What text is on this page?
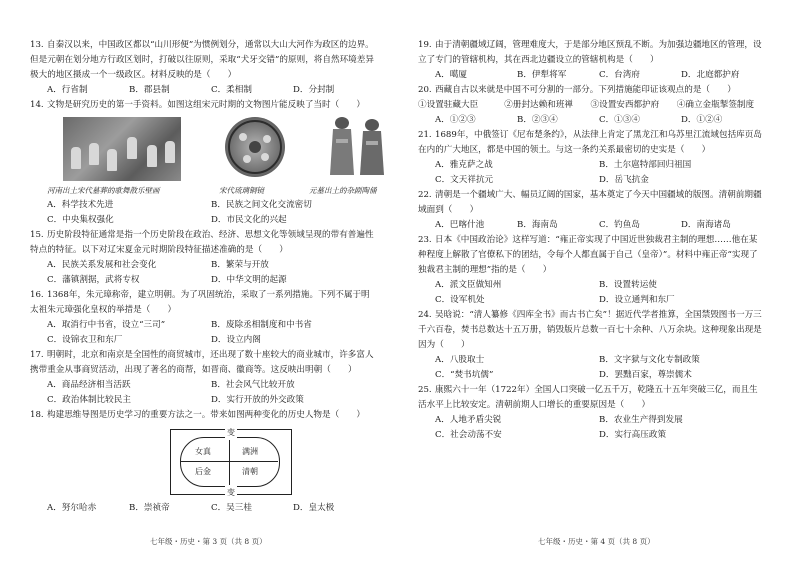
13. 自秦汉以来，中国政区都以“山川形便”为惯例划分，通常以大山大河作为政区的边界。但是元朝在划分地方行政区划时，打破以往原则，采取“犬牙交错”的原则，将自然环境差异极大的地区摄成一个一级政区。材料反映的是（　　）
A．行省制	B．郡县制	C．柔相制	D．分封制
14. 文物是研究历史的第一手资料。如图这组宋元时期的文物图片能反映了当时（　　）
河南出土宋代墓葬的歌舞散乐壁画	宋代琉璃铜镜	元墓出土的杂剧陶俑
A．科学技术先进	B．民族之间文化交流密切
C．中央集权强化	D．市民文化的兴起
15. 历史阶段特征通常是指一个历史阶段在政治、经济、思想文化等领域呈现的带有普遍性特点的特征。以下对辽宋夏金元时期阶段特征描述准确的是（　　）
A．民族关系发展和社会变化	B．繁荣与开放
C．藩镇割据，武将专权	D．中华文明的起源
16. 1368年，朱元璋称帝，建立明朝。为了巩固统治，采取了一系列措施。下列不属于明太祖朱元璋强化皇权的举措是（　　）
A．取消行中书省，设立“三司”	B．废除丞相制度和中书省
C．设锦衣卫和东厂	D．设立内阁
17. 明朝时，北京和南京是全国性的商贸城市，还出现了数十座较大的商业城市，许多富人携带重金从事商贸活动，出现了著名的商帮，如晋商、徽商等。这反映出明朝（　　）
A．商品经济相当活跃	B．社会风气比较开放
C．政治体制比较民主	D．实行开放的外交政策
18. 构建思维导图是历史学习的重要方法之一。带来如图两种变化的历史人物是（　　）
变
女真	满洲
后金	清朝
变
A．努尔哈赤	B．崇祯帝	C．吴三桂	D．皇太极
七年级・历史・第 3 页（共 8 页）
19. 由于清朝疆域辽阔，管理难度大，于是部分地区预乱不断。为加强边疆地区的管理，设立了专门的管辖机构，其在西北边疆设立的管辖机构是（　　）
A．噶厦	B．伊犁将军	C．台湾府	D．北庭都护府
20. 西藏自古以来就是中国不可分割的一部分。下列措施能印证该观点的是（　　）
①设置驻藏大臣	②册封达赖和班禅	③设置安西都护府	④确立金瓶掣签制度
A．①②③	B．②③④	C．①③④	D．①②④
21. 1689年，中俄签订《尼布楚条约》，从法律上肯定了黑龙江和乌苏里江流域包括库页岛在内的广大地区，都是中国的领土。与这一条约关系最密切的史实是（　　）
A．雅克萨之战	B．土尔扈特部回归祖国
C．文天祥抗元	D．岳飞抗金
22. 清朝是一个疆域广大、幅员辽阔的国家，基本奠定了今天中国疆域的版图。清朝前期疆域面到（　　）
A．巴喀什池	B．海南岛	C．钓鱼岛	D．南海诸岛
23. 日本《中国政治论》这样写道：“雍正帝实现了中国近世独裁君主制的理想……他在某种程度上解散了官僚私下的团结，令每个人都直属于自己（皇帝）”。材料中雍正帝“实现了独裁君主制的理想”指的是（　　）
A．派文臣做知州	B．设置转运使
C．设军机处	D．设立通判和东厂
24. 吴晗说：“清人纂修《四库全书》而古书亡矣”！据近代学者推算，全国禁毁图书一万三千六百卷，焚书总数达十五万册，销毁版片总数一百七十余种、八万余块。这种现象出现是因为（　　）
A．八股取士	B．文字狱与文化专制政策
C．“焚书坑儒”	D．罢黜百家，尊崇儒术
25. 康熙六十一年（1722年）全国人口突破一亿五千万，乾隆五十五年突破三亿，而且生活水平上比较安定。清朝前期人口增长的重要原因是（　　）
A．人地矛盾尖锐	B．农业生产得到发展
C．社会动荡不安	D．实行高压政策
七年级・历史・第 4 页（共 8 页）
